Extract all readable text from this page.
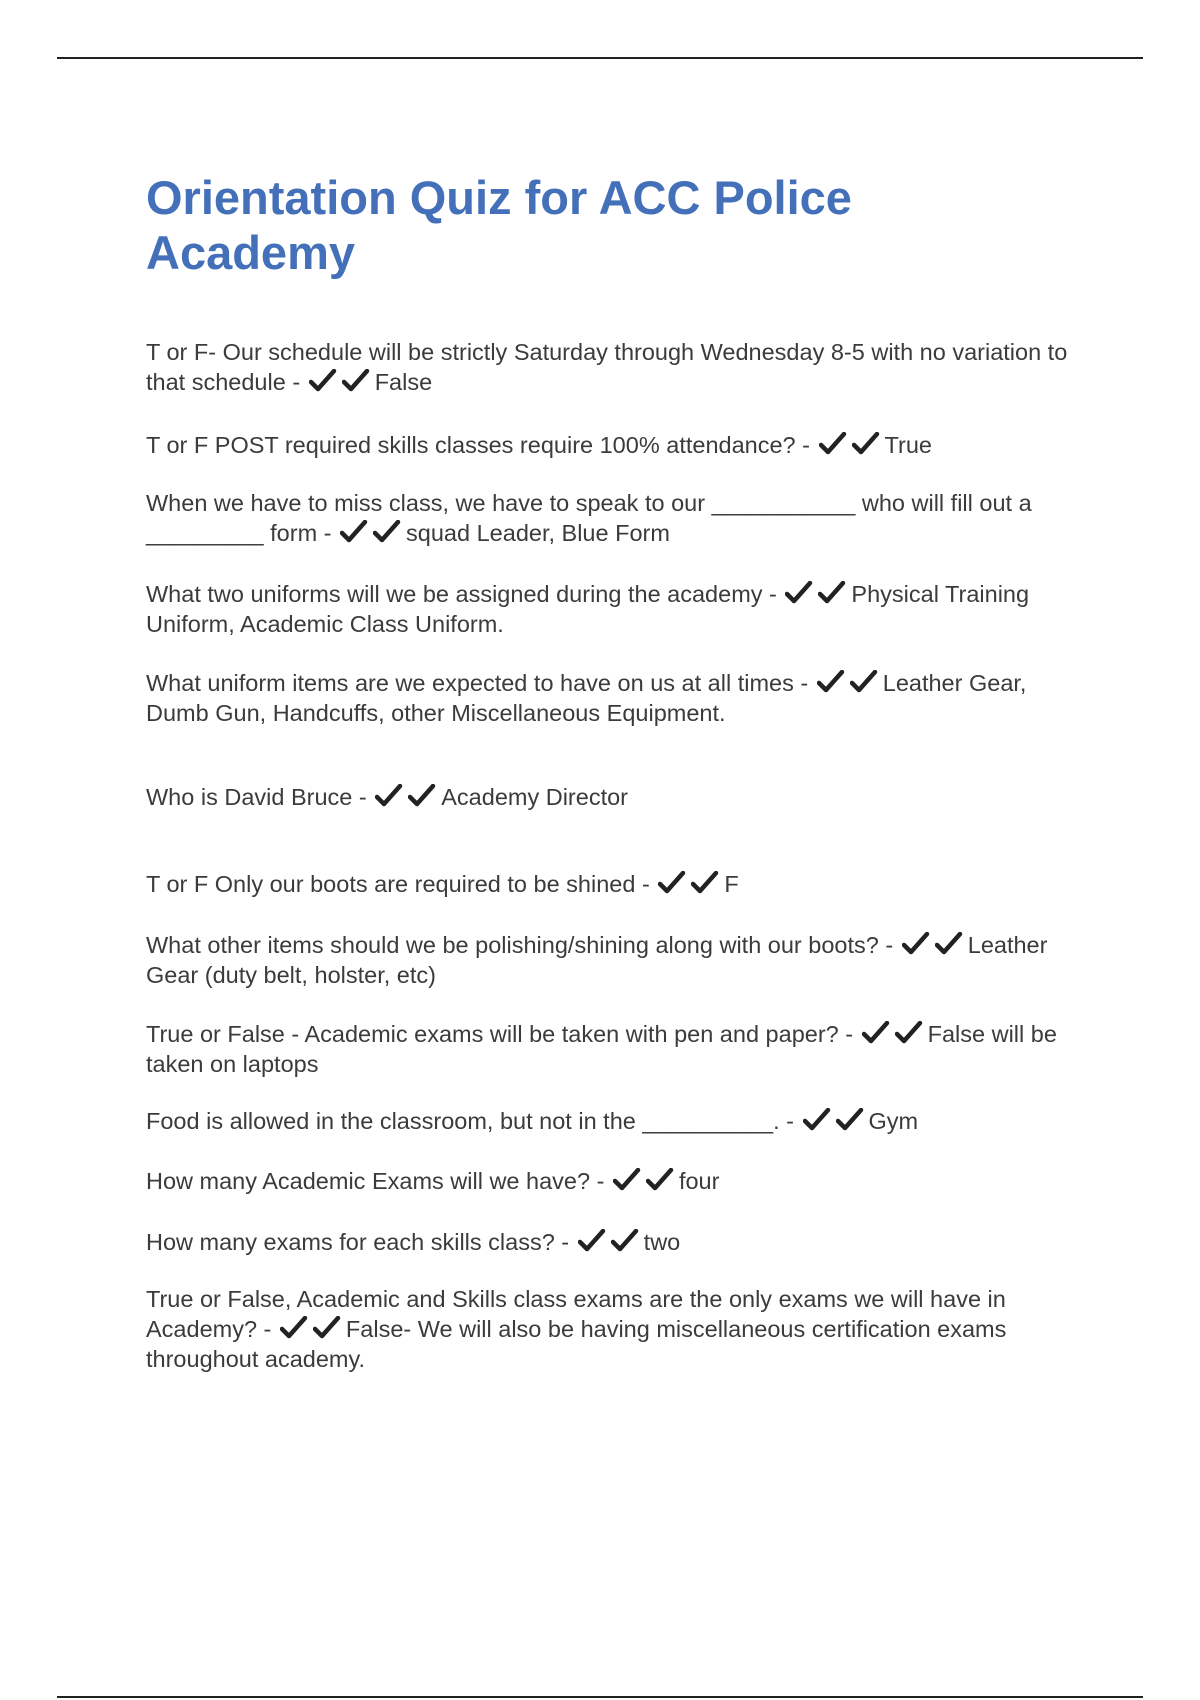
Orientation Quiz for ACC Police Academy

T or F- Our schedule will be strictly Saturday through Wednesday 8-5 with no variation to that schedule -	False

T or F POST required skills classes require 100% attendance? -	True

When we have to miss class, we have to speak to our ___________ who will fill out a _________ form -	squad Leader, Blue Form

What two uniforms will we be assigned during the academy -	Physical Training Uniform, Academic Class Uniform.

What uniform items are we expected to have on us at all times -	Leather Gear, Dumb Gun, Handcuffs, other Miscellaneous Equipment.

Who is David Bruce -	Academy Director

T or F Only our boots are required to be shined -	F

What other items should we be polishing/shining along with our boots? -	Leather Gear (duty belt, holster, etc)

True or False - Academic exams will be taken with pen and paper? -	False will be taken on laptops

Food is allowed in the classroom, but not in the __________. -	Gym

How many Academic Exams will we have? -	four

How many exams for each skills class? -	two

True or False, Academic and Skills class exams are the only exams we will have in Academy? -	False- We will also be having miscellaneous certification exams throughout academy.
